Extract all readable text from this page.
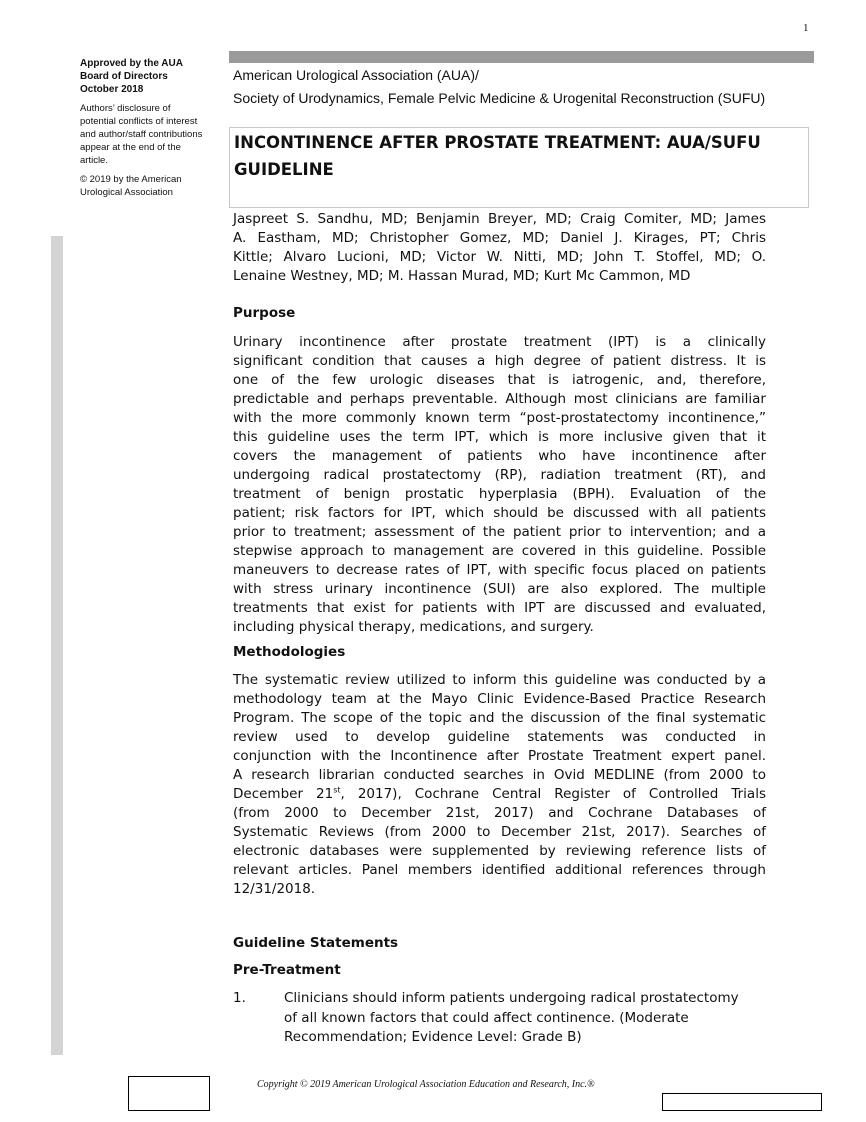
1

Approved by the AUA Board of Directors October 2018

Authors’ disclosure of potential conflicts of interest and author/staff contributions appear at the end of the article.

© 2019 by the American Urological Association

American Urological Association (AUA)/
Society of Urodynamics, Female Pelvic Medicine & Urogenital Reconstruction (SUFU)
INCONTINENCE AFTER PROSTATE TREATMENT: AUA/SUFU GUIDELINE
Jaspreet S. Sandhu, MD; Benjamin Breyer, MD; Craig Comiter, MD; James
A. Eastham, MD; Christopher Gomez, MD; Daniel J. Kirages, PT; Chris
Kittle; Alvaro Lucioni, MD; Victor W. Nitti, MD; John T. Stoffel, MD; O.
Lenaine Westney, MD; M. Hassan Murad, MD; Kurt Mc Cammon, MD
Purpose
Urinary incontinence after prostate treatment (IPT) is a clinically
significant condition that causes a high degree of patient distress. It is
one of the few urologic diseases that is iatrogenic, and, therefore,
predictable and perhaps preventable. Although most clinicians are familiar
with the more commonly known term “post-prostatectomy incontinence,”
this guideline uses the term IPT, which is more inclusive given that it
covers the management of patients who have incontinence after
undergoing radical prostatectomy (RP), radiation treatment (RT), and
treatment of benign prostatic hyperplasia (BPH). Evaluation of the
patient; risk factors for IPT, which should be discussed with all patients
prior to treatment; assessment of the patient prior to intervention; and a
stepwise approach to management are covered in this guideline. Possible
maneuvers to decrease rates of IPT, with specific focus placed on patients
with stress urinary incontinence (SUI) are also explored. The multiple
treatments that exist for patients with IPT are discussed and evaluated,
including physical therapy, medications, and surgery.
Methodologies
The systematic review utilized to inform this guideline was conducted by a
methodology team at the Mayo Clinic Evidence-Based Practice Research
Program. The scope of the topic and the discussion of the final systematic
review used to develop guideline statements was conducted in
conjunction with the Incontinence after Prostate Treatment expert panel.
A research librarian conducted searches in Ovid MEDLINE (from 2000 to
December 21st, 2017), Cochrane Central Register of Controlled Trials
(from 2000 to December 21st, 2017) and Cochrane Databases of
Systematic Reviews (from 2000 to December 21st, 2017). Searches of
electronic databases were supplemented by reviewing reference lists of
relevant articles. Panel members identified additional references through
12/31/2018.
Guideline Statements
Pre-Treatment
1.	Clinicians should inform patients undergoing radical prostatectomy
of all known factors that could affect continence. (Moderate
Recommendation; Evidence Level: Grade B)
Copyright © 2019 American Urological Association Education and Research, Inc.®
